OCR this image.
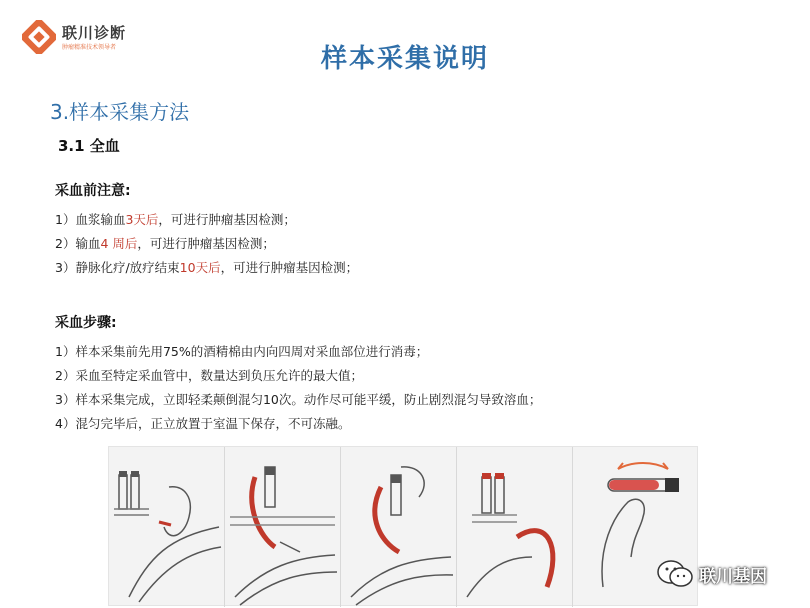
联川诊断
肿瘤精准技术领导者	样本采集说明
3.样本采集方法
3.1 全血
采血前注意:
1）血浆输血3天后，可进行肿瘤基因检测；
2）输血4 周后，可进行肿瘤基因检测；
3）静脉化疗/放疗结束10天后，可进行肿瘤基因检测；
采血步骤:
1）样本采集前先用75%的酒精棉由内向四周对采血部位进行消毒；
2）采血至特定采血管中，数量达到负压允许的最大值；
3）样本采集完成，立即轻柔颠倒混匀10次。动作尽可能平缓，防止剧烈混匀导致溶血；
4）混匀完毕后，正立放置于室温下保存，不可冻融。
联川基因
